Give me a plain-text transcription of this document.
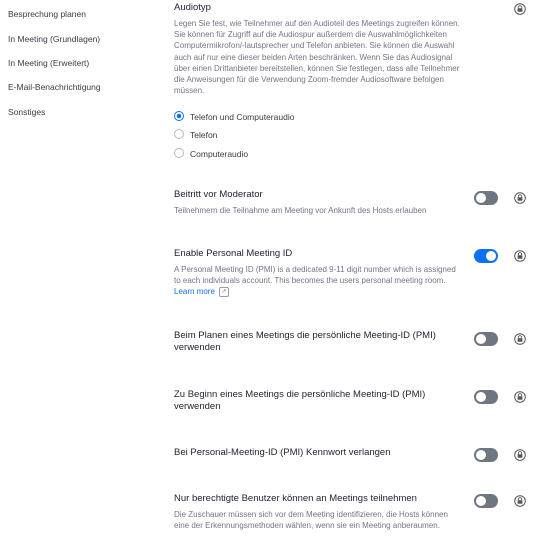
Besprechung planen
In Meeting (Grundlagen)
In Meeting (Erweitert)
E-Mail-Benachrichtigung
Sonstiges
Audiotyp
Legen Sie fest, wie Teilnehmer auf den Audioteil des Meetings zugreifen können. Sie können für Zugriff auf die Audiospur außerdem die Auswahlmöglichkeiten Computermikrofon/-lautsprecher und Telefon anbieten. Sie können die Auswahl auch auf nur eine dieser beiden Arten beschränken. Wenn Sie das Audiosignal über einen Drittanbieter bereitstellen, können Sie festlegen, dass alle Teilnehmer die Anweisungen für die Verwendung Zoom-fremder Audiosoftware befolgen müssen.
Telefon und Computeraudio
Telefon
Computeraudio
Beitritt vor Moderator
Teilnehmern die Teilnahme am Meeting vor Ankunft des Hosts erlauben
Enable Personal Meeting ID
A Personal Meeting ID (PMI) is a dedicated 9-11 digit number which is assigned to each individuals account. This becomes the users personal meeting room. Learn more ↗
Beim Planen eines Meetings die persönliche Meeting-ID (PMI) verwenden
Zu Beginn eines Meetings die persönliche Meeting-ID (PMI) verwenden
Bei Personal-Meeting-ID (PMI) Kennwort verlangen
Nur berechtigte Benutzer können an Meetings teilnehmen
Die Zuschauer müssen sich vor dem Meeting identifizieren, die Hosts können eine der Erkennungsmethoden wählen, wenn sie ein Meeting anberaumen.
